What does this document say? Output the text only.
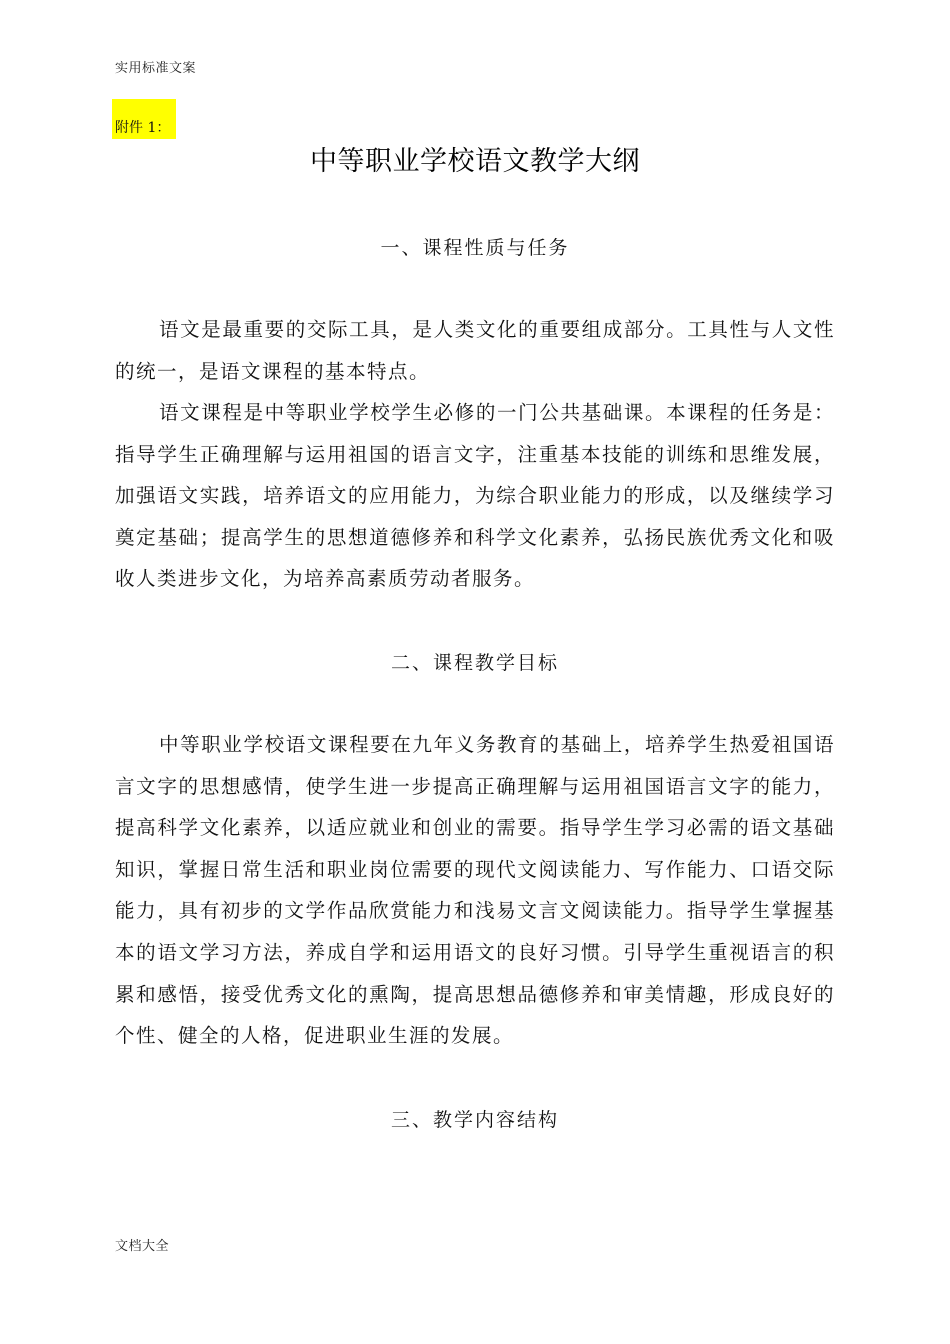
实用标准文案
附件 1：
中等职业学校语文教学大纲
一、课程性质与任务

语文是最重要的交际工具，是人类文化的重要组成部分。工具性与人文性的统一，是语文课程的基本特点。

语文课程是中等职业学校学生必修的一门公共基础课。本课程的任务是：指导学生正确理解与运用祖国的语言文字，注重基本技能的训练和思维发展，加强语文实践，培养语文的应用能力，为综合职业能力的形成，以及继续学习奠定基础；提高学生的思想道德修养和科学文化素养，弘扬民族优秀文化和吸收人类进步文化，为培养高素质劳动者服务。

二、课程教学目标

中等职业学校语文课程要在九年义务教育的基础上，培养学生热爱祖国语言文字的思想感情，使学生进一步提高正确理解与运用祖国语言文字的能力，提高科学文化素养，以适应就业和创业的需要。指导学生学习必需的语文基础知识，掌握日常生活和职业岗位需要的现代文阅读能力、写作能力、口语交际能力，具有初步的文学作品欣赏能力和浅易文言文阅读能力。指导学生掌握基本的语文学习方法，养成自学和运用语文的良好习惯。引导学生重视语言的积累和感悟，接受优秀文化的熏陶，提高思想品德修养和审美情趣，形成良好的个性、健全的人格，促进职业生涯的发展。

三、教学内容结构
文档大全
